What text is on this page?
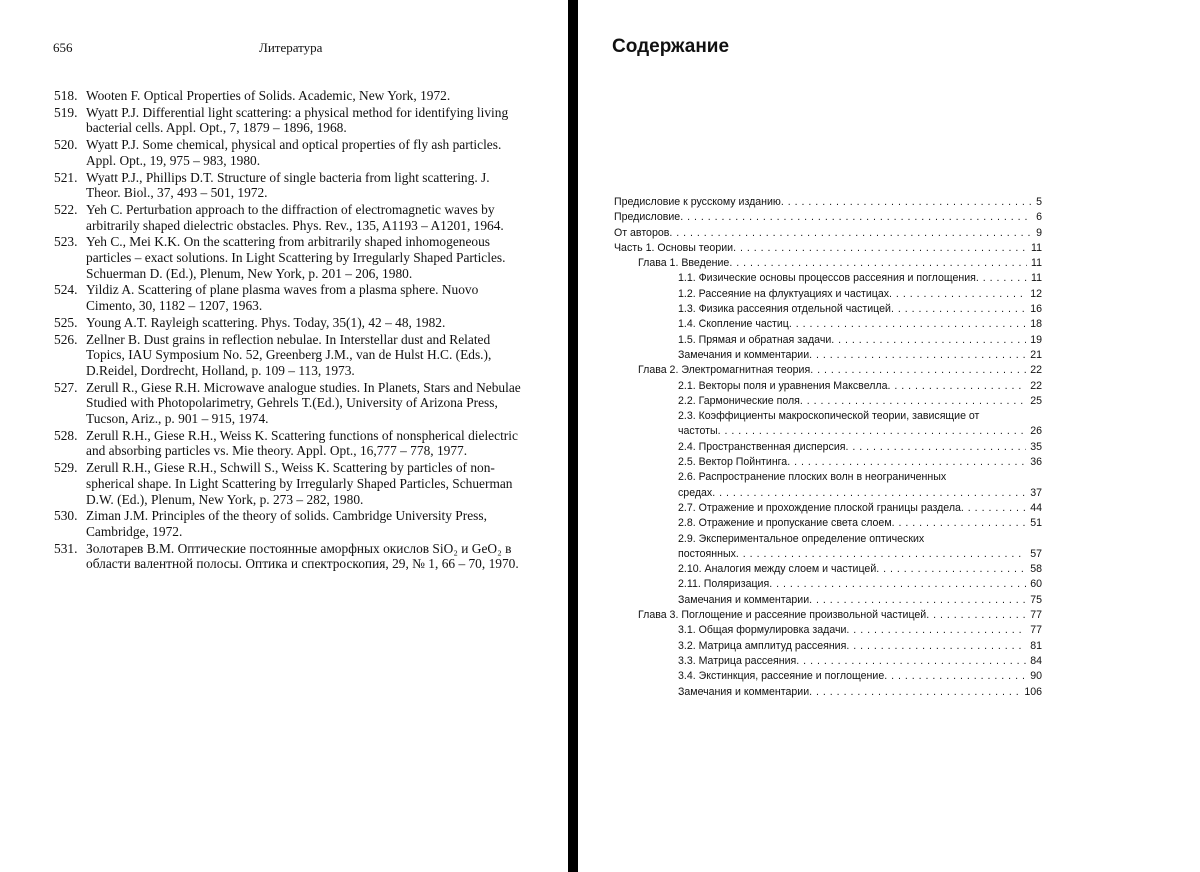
656	Литература
518. Wooten F. Optical Properties of Solids. Academic, New York, 1972.
519. Wyatt P.J. Differential light scattering: a physical method for identifying living bacterial cells. Appl. Opt., 7, 1879 – 1896, 1968.
520. Wyatt P.J. Some chemical, physical and optical properties of fly ash particles. Appl. Opt., 19, 975 – 983, 1980.
521. Wyatt P.J., Phillips D.T. Structure of single bacteria from light scattering. J. Theor. Biol., 37, 493 – 501, 1972.
522. Yeh C. Perturbation approach to the diffraction of electromagnetic waves by arbitrarily shaped dielectric obstacles. Phys. Rev., 135, A1193 – A1201, 1964.
523. Yeh C., Mei K.K. On the scattering from arbitrarily shaped inhomogeneous particles – exact solutions. In Light Scattering by Irregularly Shaped Particles. Schuerman D. (Ed.), Plenum, New York, p. 201 – 206, 1980.
524. Yildiz A. Scattering of plane plasma waves from a plasma sphere. Nuovo Cimento, 30, 1182 – 1207, 1963.
525. Young A.T. Rayleigh scattering. Phys. Today, 35(1), 42 – 48, 1982.
526. Zellner B. Dust grains in reflection nebulae. In Interstellar dust and Related Topics, IAU Symposium No. 52, Greenberg J.M., van de Hulst H.C. (Eds.), D.Reidel, Dordrecht, Holland, p. 109 – 113, 1973.
527. Zerull R., Giese R.H. Microwave analogue studies. In Planets, Stars and Nebulae Studied with Photopolarimetry, Gehrels T.(Ed.), University of Arizona Press, Tucson, Ariz., p. 901 – 915, 1974.
528. Zerull R.H., Giese R.H., Weiss K. Scattering functions of nonspherical dielectric and absorbing particles vs. Mie theory. Appl. Opt., 16,777 – 778, 1977.
529. Zerull R.H., Giese R.H., Schwill S., Weiss K. Scattering by particles of non-spherical shape. In Light Scattering by Irregularly Shaped Particles, Schuerman D.W. (Ed.), Plenum, New York, p. 273 – 282, 1980.
530. Ziman J.M. Principles of the theory of solids. Cambridge University Press, Cambridge, 1972.
531. Золотарев В.М. Оптические постоянные аморфных окислов SiO₂ и GeO₂ в области валентной полосы. Оптика и спектроскопия, 29, № 1, 66 – 70, 1970.
Содержание
Предисловие к русскому изданию . . .	5
Предисловие . . .	6
От авторов . . .	9
Часть 1. Основы теории . . .	11
Глава 1. Введение . . .	11
1.1. Физические основы процессов рассеяния и поглощения . . .	11
1.2. Рассеяние на флуктуациях и частицах . . .	12
1.3. Физика рассеяния отдельной частицей . . .	16
1.4. Скопление частиц . . .	18
1.5. Прямая и обратная задачи . . .	19
Замечания и комментарии . . .	21
Глава 2. Электромагнитная теория . . .	22
2.1. Векторы поля и уравнения Максвелла . . .	22
2.2. Гармонические поля . . .	25
2.3. Коэффициенты макроскопической теории, зависящие от
частоты . . .	26
2.4. Пространственная дисперсия . . .	35
2.5. Вектор Пойнтинга . . .	36
2.6. Распространение плоских волн в неограниченных
средах . . .	37
2.7. Отражение и прохождение плоской границы раздела . . .	44
2.8. Отражение и пропускание света слоем . . .	51
2.9. Экспериментальное определение оптических
постоянных . . .	57
2.10. Аналогия между слоем и частицей . . .	58
2.11. Поляризация . . .	60
Замечания и комментарии . . .	75
Глава 3. Поглощение и рассеяние произвольной частицей . . .	77
3.1. Общая формулировка задачи . . .	77
3.2. Матрица амплитуд рассеяния . . .	81
3.3. Матрица рассеяния . . .	84
3.4. Экстинкция, рассеяние и поглощение . . .	90
Замечания и комментарии . . .	106
